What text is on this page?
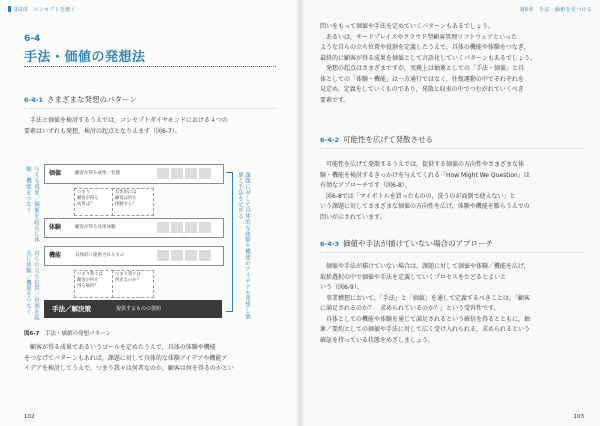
第2部　コンセプトを磨く
6-4
手法・価値の発想法
6-4-1 さまざまな発想のパターン
　手法と価値を検討するうえでは，コンセプトダイヤモンドにおける４つの
要素はいずれも発想，検討の起点となりえます（図6-7）。
与える成果／価値を起点に体験／機能をつなぐ
自らの立ち位置／役割を起点に体験／機能をつなぐ
価値	顧客が得る成果／状態
つまり
顧客が得る
成果は？
具体的には
顧客は何を
体験する？
体験	顧客が得る具体体験
機能	具体的に提供されるもの
つまり我々は
顧客が何を
得る場所？
つまり我々は
何者なのか？
手法／解決策	提供するものの要約	課題に対して具体的な体験や機能のアイデアを発想し価値と手法を定める
図6-7　 手法・価値の発想パターン
　顧客が得る成果であるいうゴールを定めたうえで，具体の体験や機能
をつなげてパターンもあれば，課題に対して具体的な体験アイデアや機能ア
イデアを検討してうえで，つまり我々は何者なのか，顧客は何を得るのかとい
102
第6章　手法・価値を見つける
問いをもって価値や手法を定めていくパターンもあるでしょう。
　あるいは，サードプレイスやクラウド型顧客管理ソフトウェアといった
ような自らの立ち位置や役割を定義したうえで，具体の機能や体験をつなぎ，
最終的に顧客が得る成果を価値として言語化していくパターンもあるでしょう。
　発想の起点はさまざまですが，実務上は抽象としての「手法・価値」と具
体としての「体験・機能」は一方通行ではなく，往復運動の中でそれぞれを
見定め，定義をしていくものであり，発散と収束の中でつむがれていくべき
要素です。
6-4-2 可能性を広げて発散させる
　可能性を広げて発散するうえでは，提供する価値の方向性やさまざまな体
験・機能を検討するきっかけを与えてくれる「How Might We Question」は
有効なアプローチです（図6-8）。
　図6-8では「マイボトルを買ったものの，洗うのが面倒で使えない」と
いう課題に対してさまざまな価値の方向性を広げ，体験や機能を膨らうえでの
問いが示されています。
6-4-3 価値や手法が描けていない場合のアプローチ
　価値や手法が描けていない場合は，課題に対して価値や体験／機能を広げ，
取捨選択の中で価値や手法を定義していくプロセスをたどるとよいと
いう（図6-9）。
　事業構想において，「手法」と「価値」を通して定義するべきことは，「顧客
に満足されるのか？　求められているのか？」という受容性です。
　具体としての機能や体験を通じて満足されるという確信を得るとともに，抽
象／要約としての価値や手法に対して広く受け入れられる，求められるという
確証を持っている状態をめざしましょう。
103
